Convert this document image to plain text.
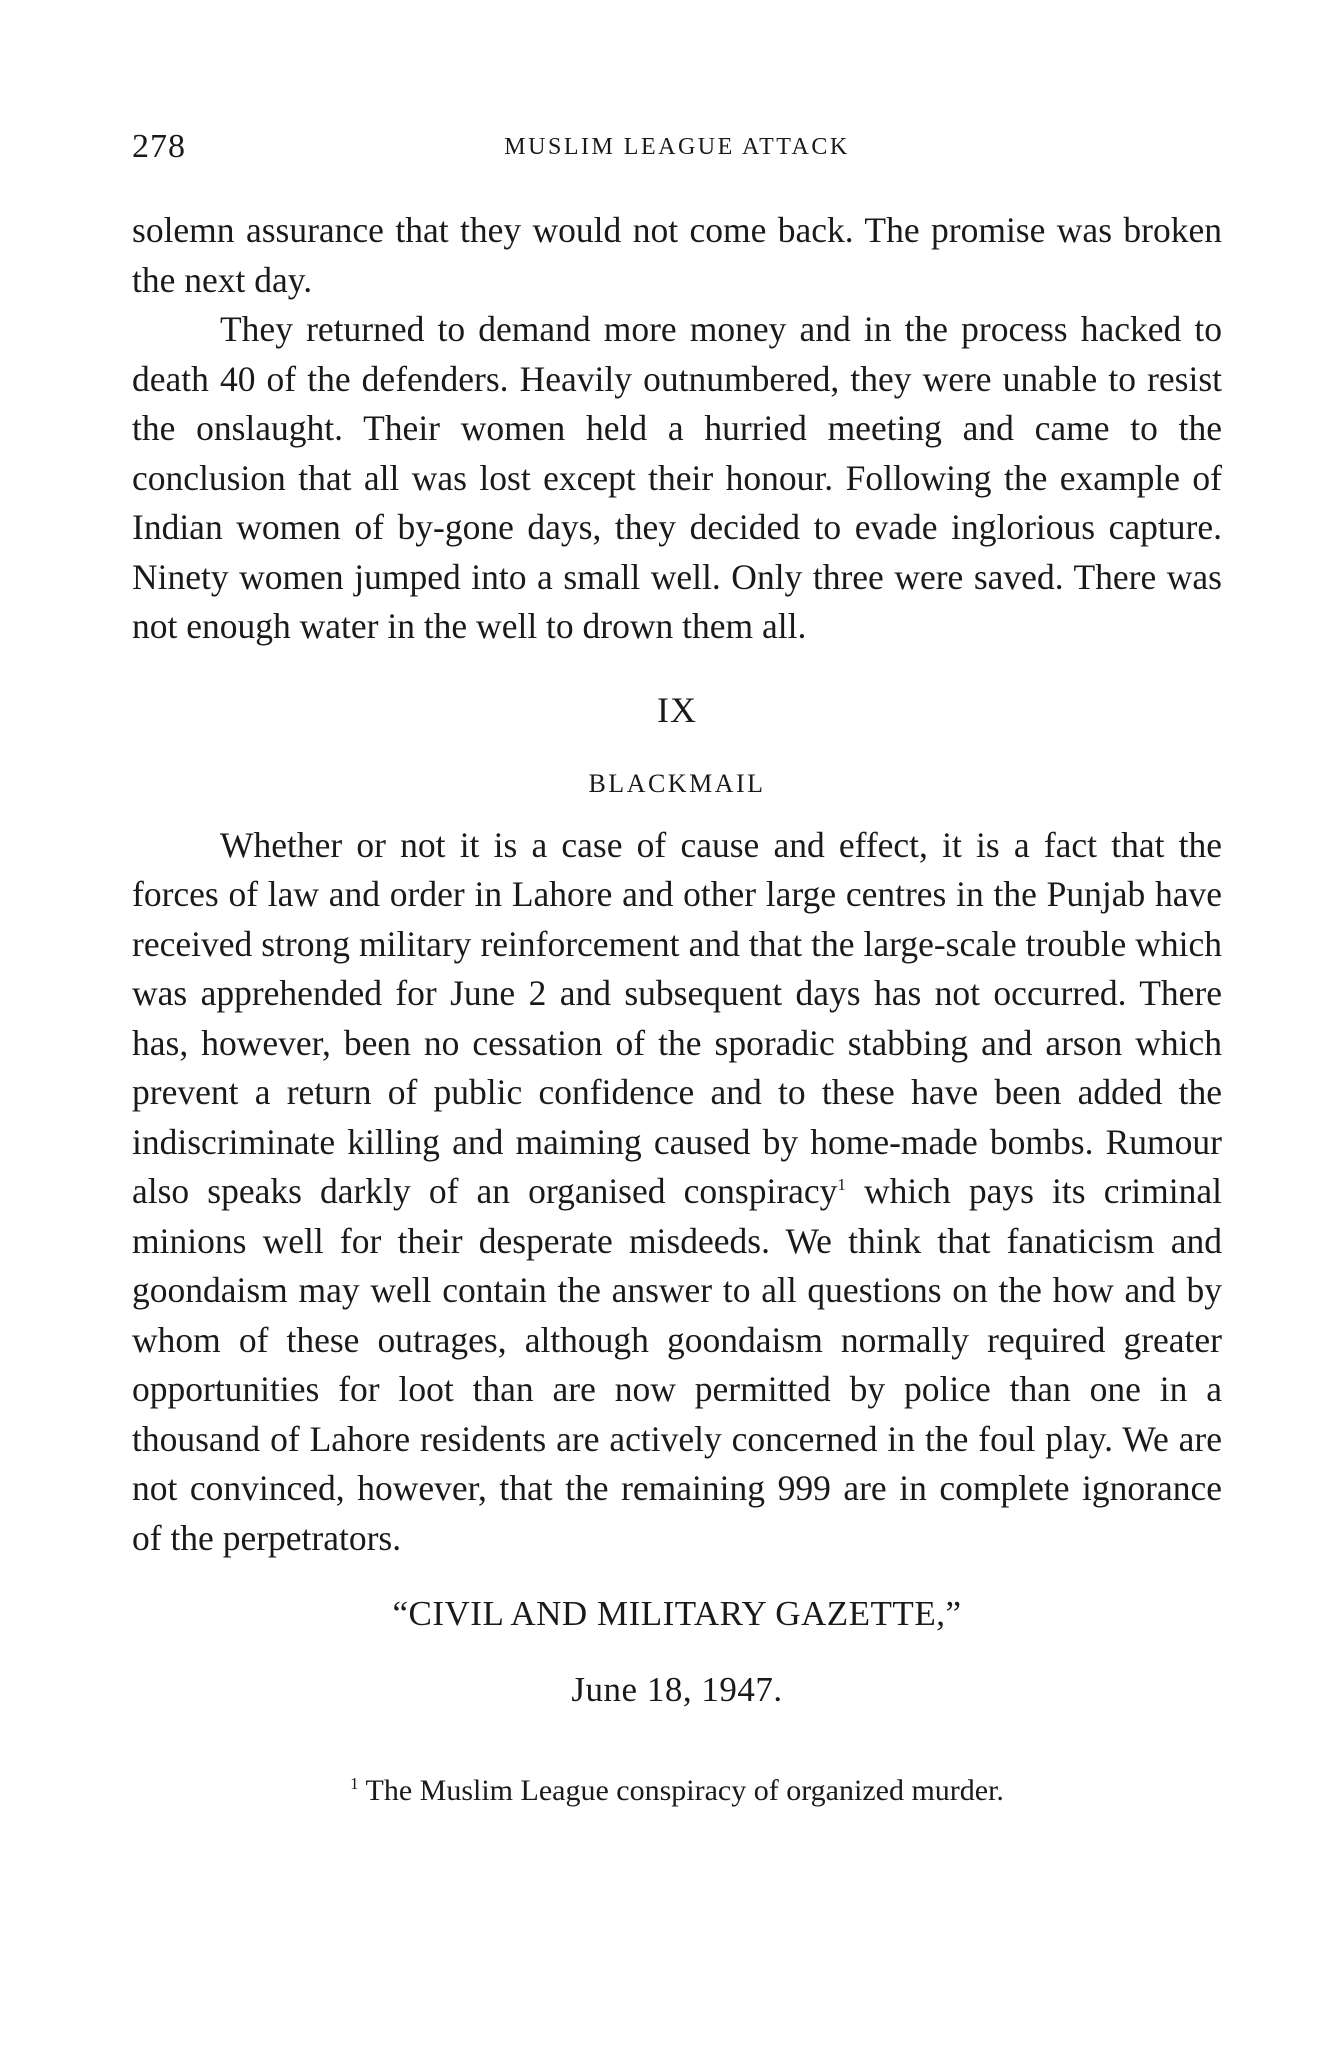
278	MUSLIM LEAGUE ATTACK

solemn assurance that they would not come back. The promise was broken the next day.

They returned to demand more money and in the process hacked to death 40 of the defenders. Heavily outnumbered, they were unable to resist the onslaught. Their women held a hurried meeting and came to the conclusion that all was lost except their honour. Following the example of Indian women of by-gone days, they decided to evade inglorious capture. Ninety women jumped into a small well. Only three were saved. There was not enough water in the well to drown them all.

IX
BLACKMAIL

Whether or not it is a case of cause and effect, it is a fact that the forces of law and order in Lahore and other large centres in the Punjab have received strong military reinforcement and that the large-scale trouble which was apprehended for June 2 and subsequent days has not occurred. There has, however, been no cessation of the sporadic stabbing and arson which prevent a return of public confidence and to these have been added the indiscriminate killing and maiming caused by home-made bombs. Rumour also speaks darkly of an organised conspiracy$^1$ which pays its criminal minions well for their desperate misdeeds. We think that fanaticism and goondaism may well contain the answer to all questions on the how and by whom of these outrages, although goondaism normally required greater opportunities for loot than are now permitted by police than one in a thousand of Lahore residents are actively concerned in the foul play. We are not convinced, however, that the remaining 999 are in complete ignorance of the perpetrators.

“CIVIL AND MILITARY GAZETTE,”
June 18, 1947.
$^1$ The Muslim League conspiracy of organized murder.
